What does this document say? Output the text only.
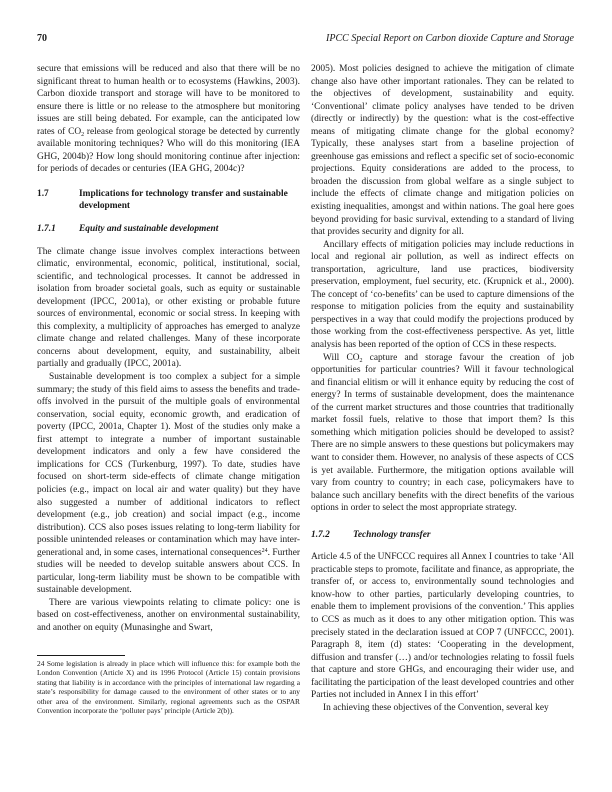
70	IPCC Special Report on Carbon dioxide Capture and Storage

secure that emissions will be reduced and also that there will be no significant threat to human health or to ecosystems (Hawkins, 2003). Carbon dioxide transport and storage will have to be monitored to ensure there is little or no release to the atmosphere but monitoring issues are still being debated. For example, can the anticipated low rates of $CO_2$ release from geological storage be detected by currently available monitoring techniques? Who will do this monitoring (IEA GHG, 2004b)? How long should monitoring continue after injection: for periods of decades or centuries (IEA GHG, 2004c)?

1.7	Implications for technology transfer and sustainable development
1.7.1	Equity and sustainable development

The climate change issue involves complex interactions between climatic, environmental, economic, political, institutional, social, scientific, and technological processes. It cannot be addressed in isolation from broader societal goals, such as equity or sustainable development (IPCC, 2001a), or other existing or probable future sources of environmental, economic or social stress. In keeping with this complexity, a multiplicity of approaches has emerged to analyze climate change and related challenges. Many of these incorporate concerns about development, equity, and sustainability, albeit partially and gradually (IPCC, 2001a).

Sustainable development is too complex a subject for a simple summary; the study of this field aims to assess the benefits and trade-offs involved in the pursuit of the multiple goals of environmental conservation, social equity, economic growth, and eradication of poverty (IPCC, 2001a, Chapter 1). Most of the studies only make a first attempt to integrate a number of important sustainable development indicators and only a few have considered the implications for CCS (Turkenburg, 1997). To date, studies have focused on short-term side-effects of climate change mitigation policies (e.g., impact on local air and water quality) but they have also suggested a number of additional indicators to reflect development (e.g., job creation) and social impact (e.g., income distribution). CCS also poses issues relating to long-term liability for possible unintended releases or contamination which may have inter-generational and, in some cases, international consequences$^{24}$. Further studies will be needed to develop suitable answers about CCS. In particular, long-term liability must be shown to be compatible with sustainable development.

There are various viewpoints relating to climate policy: one is based on cost-effectiveness, another on environmental sustainability, and another on equity (Munasinghe and Swart,

24 Some legislation is already in place which will influence this: for example both the London Convention (Article X) and its 1996 Protocol (Article 15) contain provisions stating that liability is in accordance with the principles of international law regarding a state’s responsibility for damage caused to the environment of other states or to any other area of the environment. Similarly, regional agreements such as the OSPAR Convention incorporate the ‘polluter pays’ principle (Article 2(b)).

2005). Most policies designed to achieve the mitigation of climate change also have other important rationales. They can be related to the objectives of development, sustainability and equity. ‘Conventional’ climate policy analyses have tended to be driven (directly or indirectly) by the question: what is the cost-effective means of mitigating climate change for the global economy? Typically, these analyses start from a baseline projection of greenhouse gas emissions and reflect a specific set of socio-economic projections. Equity considerations are added to the process, to broaden the discussion from global welfare as a single subject to include the effects of climate change and mitigation policies on existing inequalities, amongst and within nations. The goal here goes beyond providing for basic survival, extending to a standard of living that provides security and dignity for all.

Ancillary effects of mitigation policies may include reductions in local and regional air pollution, as well as indirect effects on transportation, agriculture, land use practices, biodiversity preservation, employment, fuel security, etc. (Krupnick et al., 2000). The concept of ‘co-benefits’ can be used to capture dimensions of the response to mitigation policies from the equity and sustainability perspectives in a way that could modify the projections produced by those working from the cost-effectiveness perspective. As yet, little analysis has been reported of the option of CCS in these respects.

Will $CO_2$ capture and storage favour the creation of job opportunities for particular countries? Will it favour technological and financial elitism or will it enhance equity by reducing the cost of energy? In terms of sustainable development, does the maintenance of the current market structures and those countries that traditionally market fossil fuels, relative to those that import them? Is this something which mitigation policies should be developed to assist? There are no simple answers to these questions but policymakers may want to consider them. However, no analysis of these aspects of CCS is yet available. Furthermore, the mitigation options available will vary from country to country; in each case, policymakers have to balance such ancillary benefits with the direct benefits of the various options in order to select the most appropriate strategy.

1.7.2	Technology transfer

Article 4.5 of the UNFCCC requires all Annex I countries to take ‘All practicable steps to promote, facilitate and finance, as appropriate, the transfer of, or access to, environmentally sound technologies and know-how to other parties, particularly developing countries, to enable them to implement provisions of the convention.’ This applies to CCS as much as it does to any other mitigation option. This was precisely stated in the declaration issued at COP 7 (UNFCCC, 2001). Paragraph 8, item (d) states: ‘Cooperating in the development, diffusion and transfer (…) and/or technologies relating to fossil fuels that capture and store GHGs, and encouraging their wider use, and facilitating the participation of the least developed countries and other Parties not included in Annex I in this effort’

In achieving these objectives of the Convention, several key
